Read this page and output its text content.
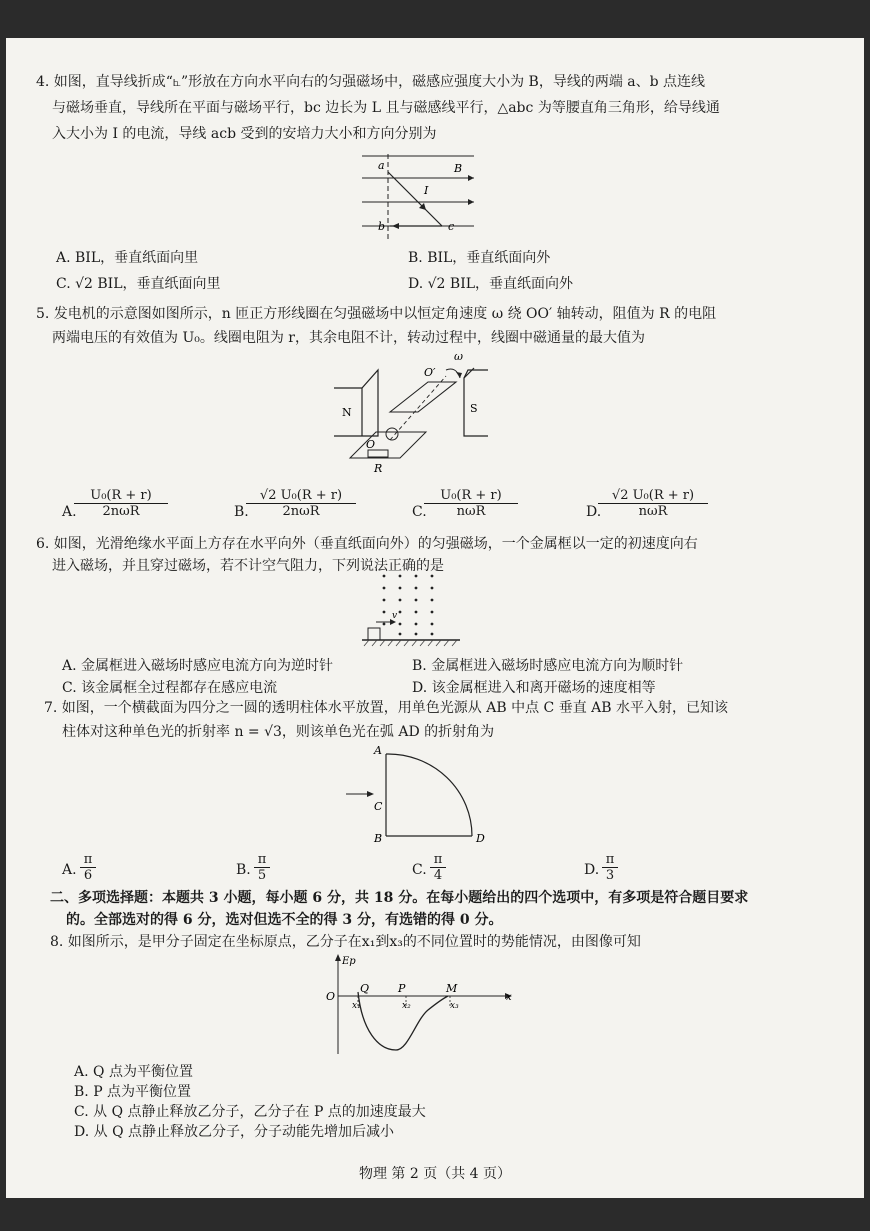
4. 如图，直导线折成“⦜”形放在方向水平向右的匀强磁场中，磁感应强度大小为 B，导线的两端 a、b 点连线
与磁场垂直，导线所在平面与磁场平行，bc 边长为 L 且与磁感线平行，△abc 为等腰直角三角形，给导线通
入大小为 I 的电流，导线 acb 受到的安培力大小和方向分别为
a
b	c
B
I
A. BIL，垂直纸面向里	B. BIL，垂直纸面向外
C. √2 BIL，垂直纸面向里	D. √2 BIL，垂直纸面向外
5. 发电机的示意图如图所示，n 匝正方形线圈在匀强磁场中以恒定角速度 ω 绕 OO′ 轴转动，阻值为 R 的电阻
两端电压的有效值为 U₀。线圈电阻为 r，其余电阻不计，转动过程中，线圈中磁通量的最大值为
N	S
O
O′
ω
R
A.
U₀(R + r)
2nωR	B.
√2 U₀(R + r)
2nωR	C.
U₀(R + r)
nωR	D.
√2 U₀(R + r)
nωR
6. 如图，光滑绝缘水平面上方存在水平向外（垂直纸面向外）的匀强磁场，一个金属框以一定的初速度向右
进入磁场，并且穿过磁场，若不计空气阻力，下列说法正确的是
v
A. 金属框进入磁场时感应电流方向为逆时针	B. 金属框进入磁场时感应电流方向为顺时针
C. 该金属框全过程都存在感应电流	D. 该金属框进入和离开磁场的速度相等
7. 如图，一个横截面为四分之一圆的透明柱体水平放置，用单色光源从 AB 中点 C 垂直 AB 水平入射，已知该
柱体对这种单色光的折射率 n = √3，则该单色光在弧 AD 的折射角为
A
B
C
D
A. $\frac{\pi}{6}$	B. $\frac{\pi}{5}$	C. $\frac{\pi}{4}$	D. $\frac{\pi}{3}$
二、多项选择题：本题共 3 小题，每小题 6 分，共 18 分。在每小题给出的四个选项中，有多项是符合题目要求
的。全部选对的得 6 分，选对但选不全的得 3 分，有选错的得 0 分。
8. 如图所示，是甲分子固定在坐标原点，乙分子在x₁到x₃的不同位置时的势能情况，由图像可知
Ep
O	x
Q	P	M
x₁	x₂	x₃
A. Q 点为平衡位置
B. P 点为平衡位置
C. 从 Q 点静止释放乙分子，乙分子在 P 点的加速度最大
D. 从 Q 点静止释放乙分子，分子动能先增加后减小
物理 第 2 页（共 4 页）
